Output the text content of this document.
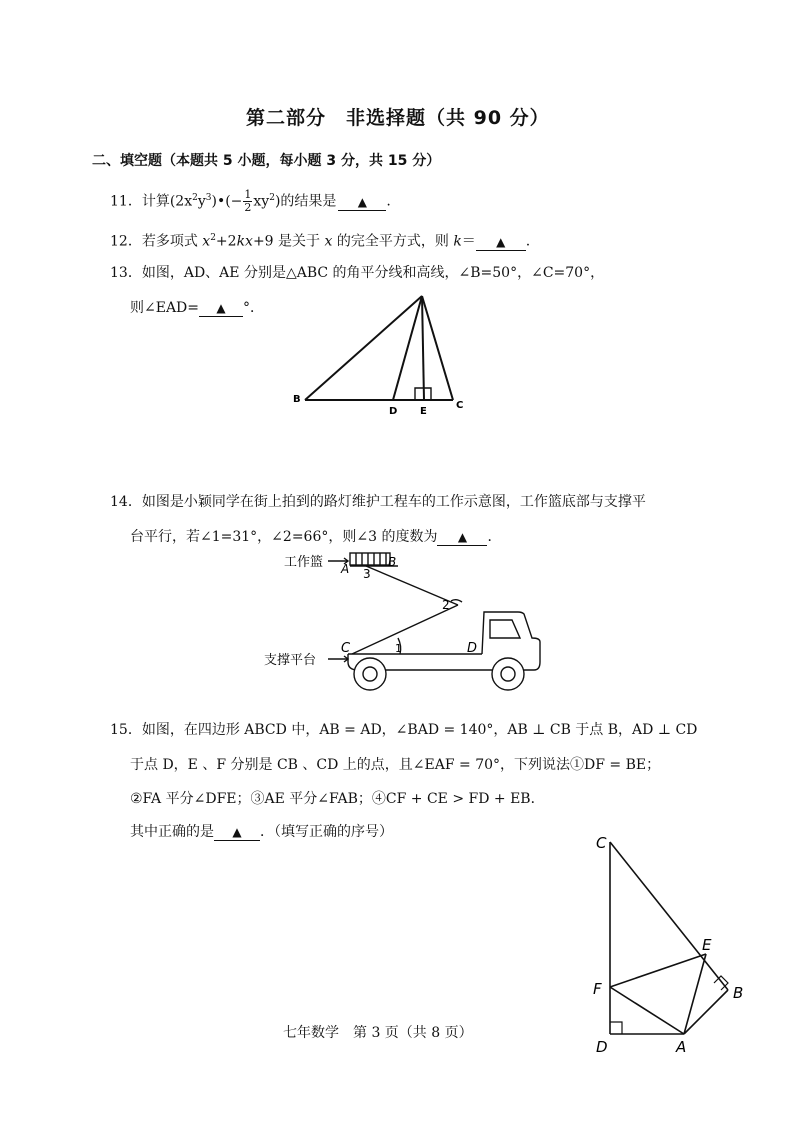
第二部分　非选择题（共 90 分）
二、填空题（本题共 5 小题，每小题 3 分，共 15 分）
11．计算$(2x^2y^3)•(- \frac{1}{2} xy^2)$的结果是 ▲ .
12．若多项式 $x^2+2kx+9$ 是关于 x 的完全平方式，则 k＝ ▲ .
13．如图，AD、AE 分别是△ABC 的角平分线和高线，∠B=50°，∠C=70°，
则∠EAD= ▲ °．
B
D E
C
14．如图是小颖同学在街上拍到的路灯维护工程车的工作示意图，工作篮底部与支撑平
台平行，若∠1=31°，∠2=66°，则∠3 的度数为 ▲ ．
工作篮
支撑平台
A	B
3
2
1
C	D
15．如图，在四边形 ABCD 中，AB = AD，∠BAD = 140°，AB ⊥ CB 于点 B，AD ⊥ CD
于点 D，E 、F 分别是 CB 、CD 上的点，且∠EAF = 70°，下列说法①DF = BE；
②FA 平分∠DFE；③AE 平分∠FAB；④CF + CE > FD + EB．
其中正确的是 ▲ ．（填写正确的序号）
C
E
F	B
D	A
七年数学　第 3 页（共 8 页）
